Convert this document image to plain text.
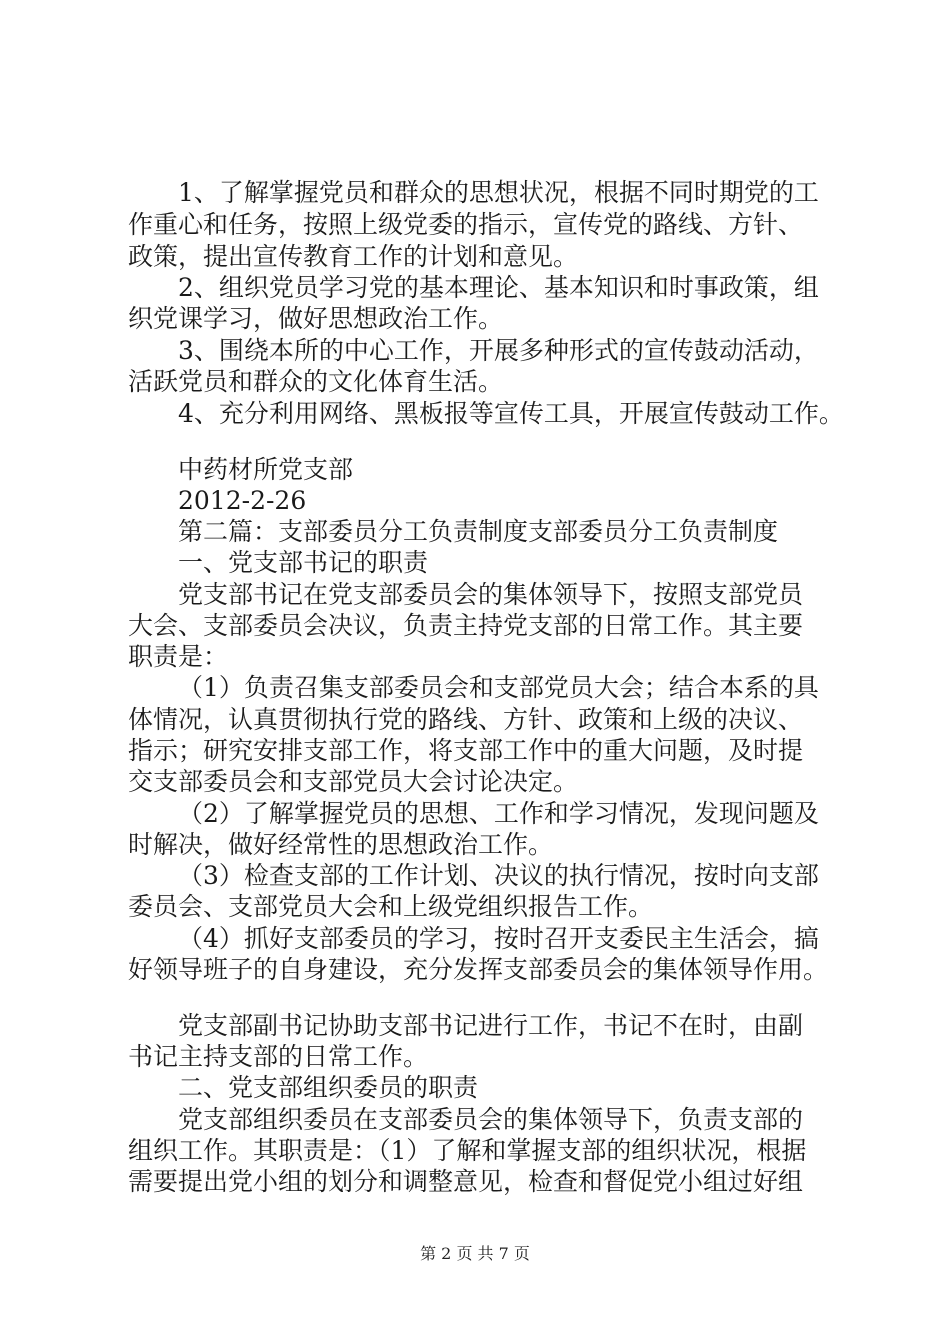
1、了解掌握党员和群众的思想状况，根据不同时期党的工
作重心和任务，按照上级党委的指示，宣传党的路线、方针、
政策，提出宣传教育工作的计划和意见。
2、组织党员学习党的基本理论、基本知识和时事政策，组
织党课学习，做好思想政治工作。
3、围绕本所的中心工作，开展多种形式的宣传鼓动活动，
活跃党员和群众的文化体育生活。
4、充分利用网络、黑板报等宣传工具，开展宣传鼓动工作。
中药材所党支部
2012-2-26
第二篇：支部委员分工负责制度支部委员分工负责制度
一、党支部书记的职责
党支部书记在党支部委员会的集体领导下，按照支部党员
大会、支部委员会决议，负责主持党支部的日常工作。其主要
职责是：
（1）负责召集支部委员会和支部党员大会；结合本系的具
体情况，认真贯彻执行党的路线、方针、政策和上级的决议、
指示；研究安排支部工作，将支部工作中的重大问题，及时提
交支部委员会和支部党员大会讨论决定。
（2）了解掌握党员的思想、工作和学习情况，发现问题及
时解决，做好经常性的思想政治工作。
（3）检查支部的工作计划、决议的执行情况，按时向支部
委员会、支部党员大会和上级党组织报告工作。
（4）抓好支部委员的学习，按时召开支委民主生活会，搞
好领导班子的自身建设，充分发挥支部委员会的集体领导作用。
党支部副书记协助支部书记进行工作，书记不在时，由副
书记主持支部的日常工作。
二、党支部组织委员的职责
党支部组织委员在支部委员会的集体领导下，负责支部的
组织工作。其职责是：（1）了解和掌握支部的组织状况，根据
需要提出党小组的划分和调整意见，检查和督促党小组过好组
第 2 页 共 7 页
